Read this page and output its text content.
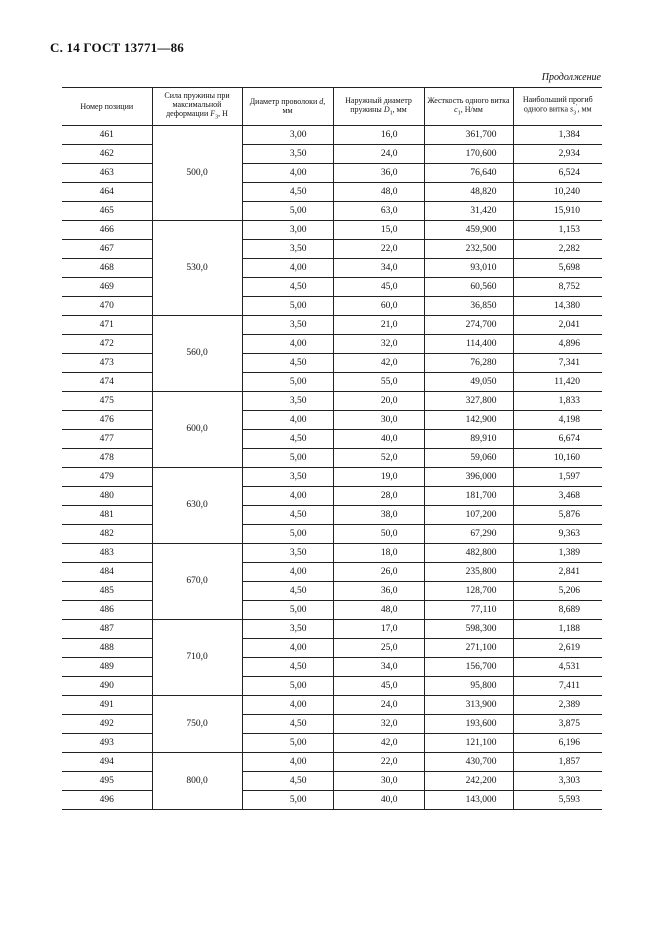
С. 14 ГОСТ 13771—86
Продолжение
Номер позиции	Сила пружины при максимальной деформации $F_3$, Н	Диаметр проволоки d, мм	Наружный диаметр пружины $D_1$, мм	Жесткость одного витка $c_1$, Н/мм	Наибольший прогиб одного витка $s_3'$, мм
461	500,0	3,00	16,0	361,700	1,384
462		3,50	24,0	170,600	2,934
463		4,00	36,0	76,640	6,524
464		4,50	48,0	48,820	10,240
465		5,00	63,0	31,420	15,910
466	530,0	3,00	15,0	459,900	1,153
467		3,50	22,0	232,500	2,282
468		4,00	34,0	93,010	5,698
469		4,50	45,0	60,560	8,752
470		5,00	60,0	36,850	14,380
471	560,0	3,50	21,0	274,700	2,041
472		4,00	32,0	114,400	4,896
473		4,50	42,0	76,280	7,341
474		5,00	55,0	49,050	11,420
475	600,0	3,50	20,0	327,800	1,833
476		4,00	30,0	142,900	4,198
477		4,50	40,0	89,910	6,674
478		5,00	52,0	59,060	10,160
479	630,0	3,50	19,0	396,000	1,597
480		4,00	28,0	181,700	3,468
481		4,50	38,0	107,200	5,876
482		5,00	50,0	67,290	9,363
483	670,0	3,50	18,0	482,800	1,389
484		4,00	26,0	235,800	2,841
485		4,50	36,0	128,700	5,206
486		5,00	48,0	77,110	8,689
487	710,0	3,50	17,0	598,300	1,188
488		4,00	25,0	271,100	2,619
489		4,50	34,0	156,700	4,531
490		5,00	45,0	95,800	7,411
491	750,0	4,00	24,0	313,900	2,389
492		4,50	32,0	193,600	3,875
493		5,00	42,0	121,100	6,196
494	800,0	4,00	22,0	430,700	1,857
495		4,50	30,0	242,200	3,303
496		5,00	40,0	143,000	5,593
